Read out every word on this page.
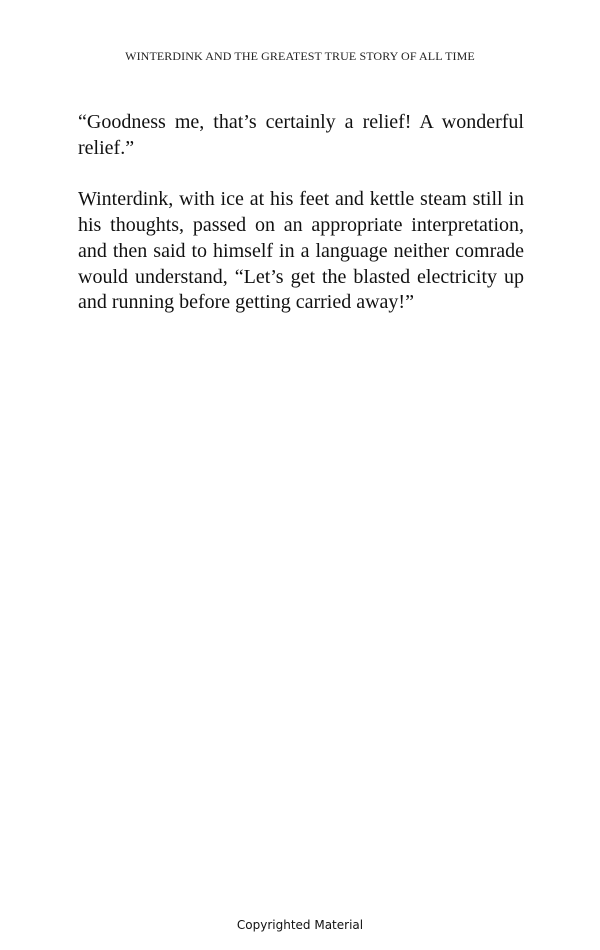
WINTERDINK AND THE GREATEST TRUE STORY OF ALL TIME

“Goodness me, that’s certainly a relief! A wonderful relief.”

Winterdink, with ice at his feet and kettle steam still in his thoughts, passed on an appropriate interpretation, and then said to himself in a language neither comrade would understand, “Let’s get the blasted electricity up and running before getting carried away!”

Copyrighted Material
